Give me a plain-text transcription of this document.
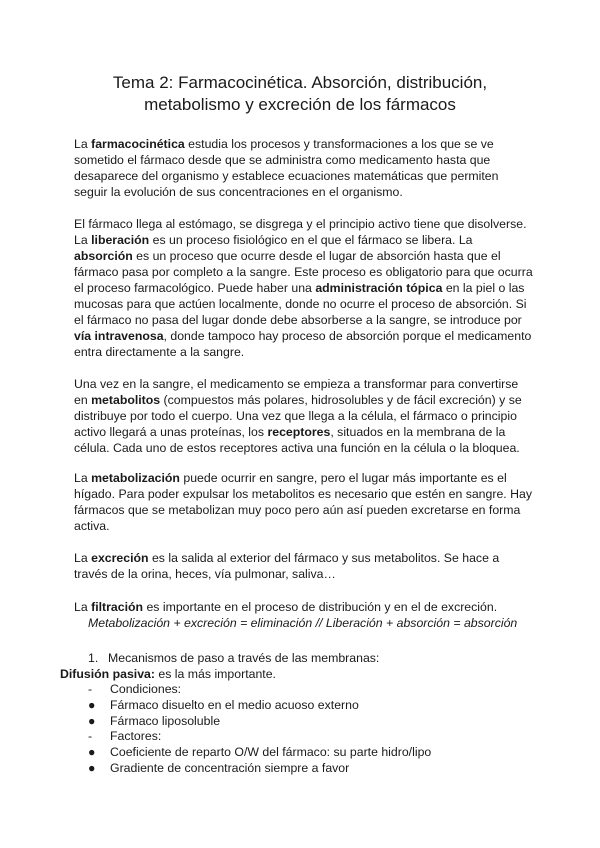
Tema 2: Farmacocinética. Absorción, distribución,
metabolismo y excreción de los fármacos

La farmacocinética estudia los procesos y transformaciones a los que se ve sometido el fármaco desde que se administra como medicamento hasta que desaparece del organismo y establece ecuaciones matemáticas que permiten seguir la evolución de sus concentraciones en el organismo.

El fármaco llega al estómago, se disgrega y el principio activo tiene que disolverse. La liberación es un proceso fisiológico en el que el fármaco se libera. La absorción es un proceso que ocurre desde el lugar de absorción hasta que el fármaco pasa por completo a la sangre. Este proceso es obligatorio para que ocurra el proceso farmacológico. Puede haber una administración tópica en la piel o las mucosas para que actúen localmente, donde no ocurre el proceso de absorción. Si el fármaco no pasa del lugar donde debe absorberse a la sangre, se introduce por vía intravenosa, donde tampoco hay proceso de absorción porque el medicamento entra directamente a la sangre.

Una vez en la sangre, el medicamento se empieza a transformar para convertirse en metabolitos (compuestos más polares, hidrosolubles y de fácil excreción) y se distribuye por todo el cuerpo. Una vez que llega a la célula, el fármaco o principio activo llegará a unas proteínas, los receptores, situados en la membrana de la célula. Cada uno de estos receptores activa una función en la célula o la bloquea.

La metabolización puede ocurrir en sangre, pero el lugar más importante es el hígado. Para poder expulsar los metabolitos es necesario que estén en sangre. Hay fármacos que se metabolizan muy poco pero aún así pueden excretarse en forma activa.

La excreción es la salida al exterior del fármaco y sus metabolitos. Se hace a través de la orina, heces, vía pulmonar, saliva…

La filtración es importante en el proceso de distribución y en el de excreción.

Metabolización + excreción = eliminación // Liberación + absorción = absorción

1. Mecanismos de paso a través de las membranas:
Difusión pasiva: es la más importante.
- Condiciones:
● Fármaco disuelto en el medio acuoso externo
● Fármaco liposoluble
- Factores:
● Coeficiente de reparto O/W del fármaco: su parte hidro/lipo
● Gradiente de concentración siempre a favor
